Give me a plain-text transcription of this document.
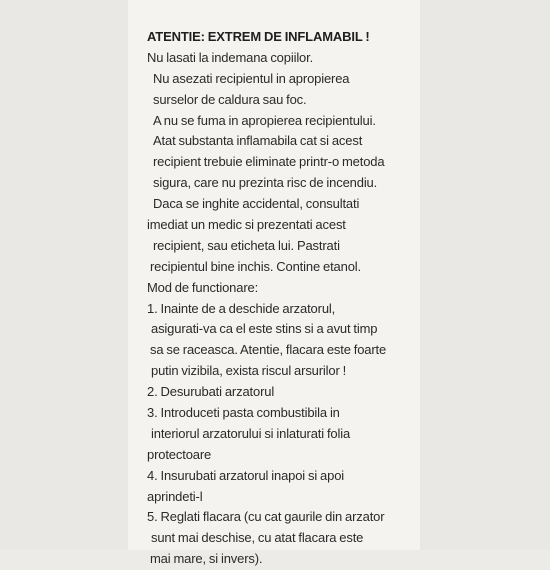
ATENTIE: EXTREM DE INFLAMABIL !
Nu lasati la indemana copiilor.
Nu asezati recipientul in apropierea
surselor de caldura sau foc.
A nu se fuma in apropierea recipientului.
Atat substanta inflamabila cat si acest
recipient trebuie eliminate printr-o metoda
sigura, care nu prezinta risc de incendiu.
Daca se inghite accidental, consultati
imediat un medic si prezentati acest
recipient, sau eticheta lui. Pastrati
recipientul bine inchis. Contine etanol.
Mod de functionare:
1. Inainte de a deschide arzatorul,
asigurati-va ca el este stins si a avut timp
sa se raceasca. Atentie, flacara este foarte
putin vizibila, exista riscul arsurilor !
2. Desurubati arzatorul
3. Introduceti pasta combustibila in
interiorul arzatorului si inlaturati folia
protectoare
4. Insurubati arzatorul inapoi si apoi
aprindeti-l
5. Reglati flacara (cu cat gaurile din arzator
sunt mai deschise, cu atat flacara este
mai mare, si invers).
